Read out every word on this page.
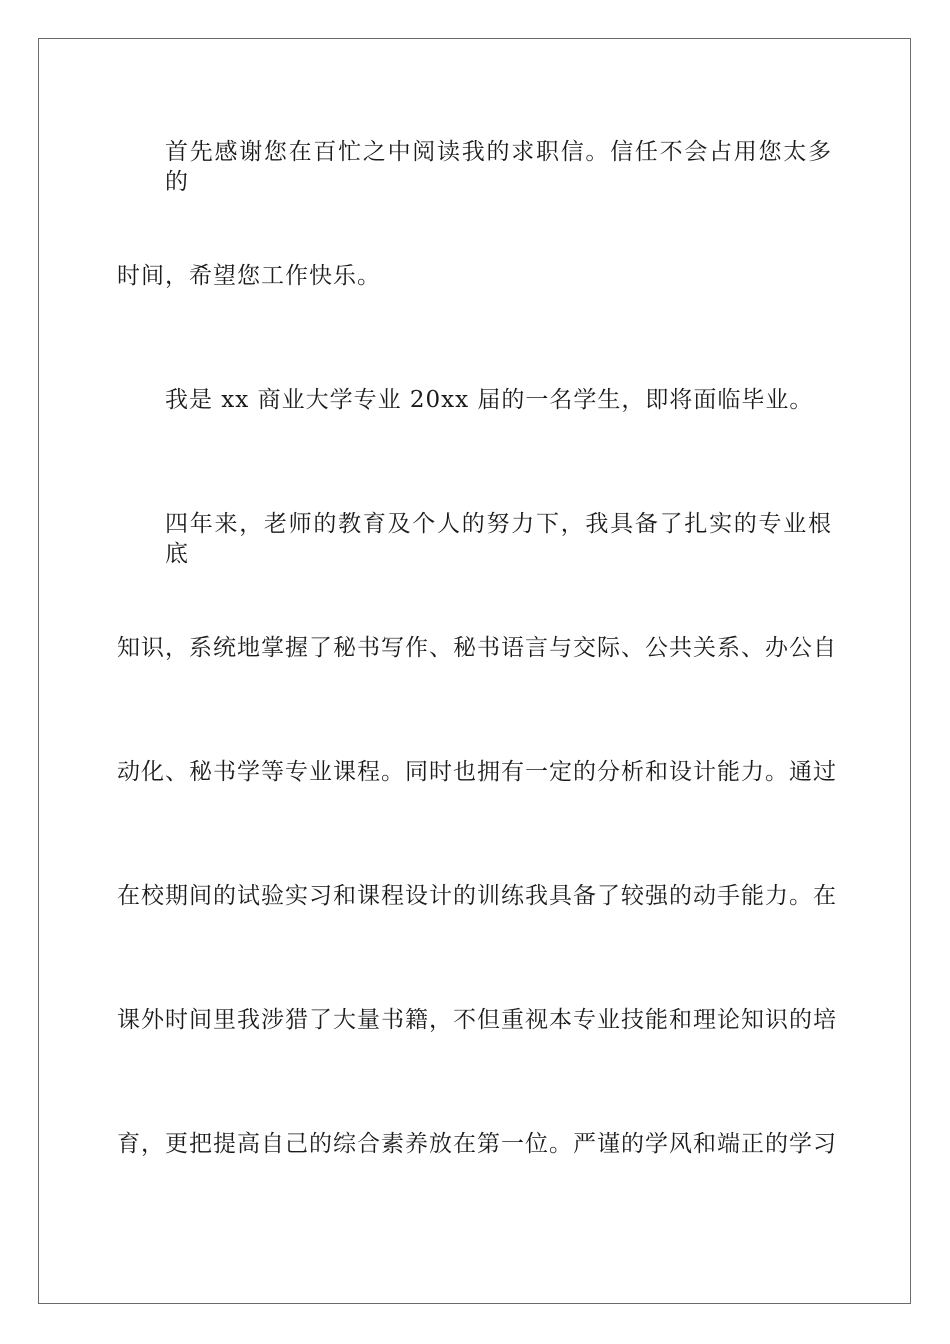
首先感谢您在百忙之中阅读我的求职信。信任不会占用您太多的
时间，希望您工作快乐。
我是 xx 商业大学专业 20xx 届的一名学生，即将面临毕业。
四年来，老师的教育及个人的努力下，我具备了扎实的专业根底
知识，系统地掌握了秘书写作、秘书语言与交际、公共关系、办公自
动化、秘书学等专业课程。同时也拥有一定的分析和设计能力。通过
在校期间的试验实习和课程设计的训练我具备了较强的动手能力。在
课外时间里我涉猎了大量书籍，不但重视本专业技能和理论知识的培
育，更把提高自己的综合素养放在第一位。严谨的学风和端正的学习
